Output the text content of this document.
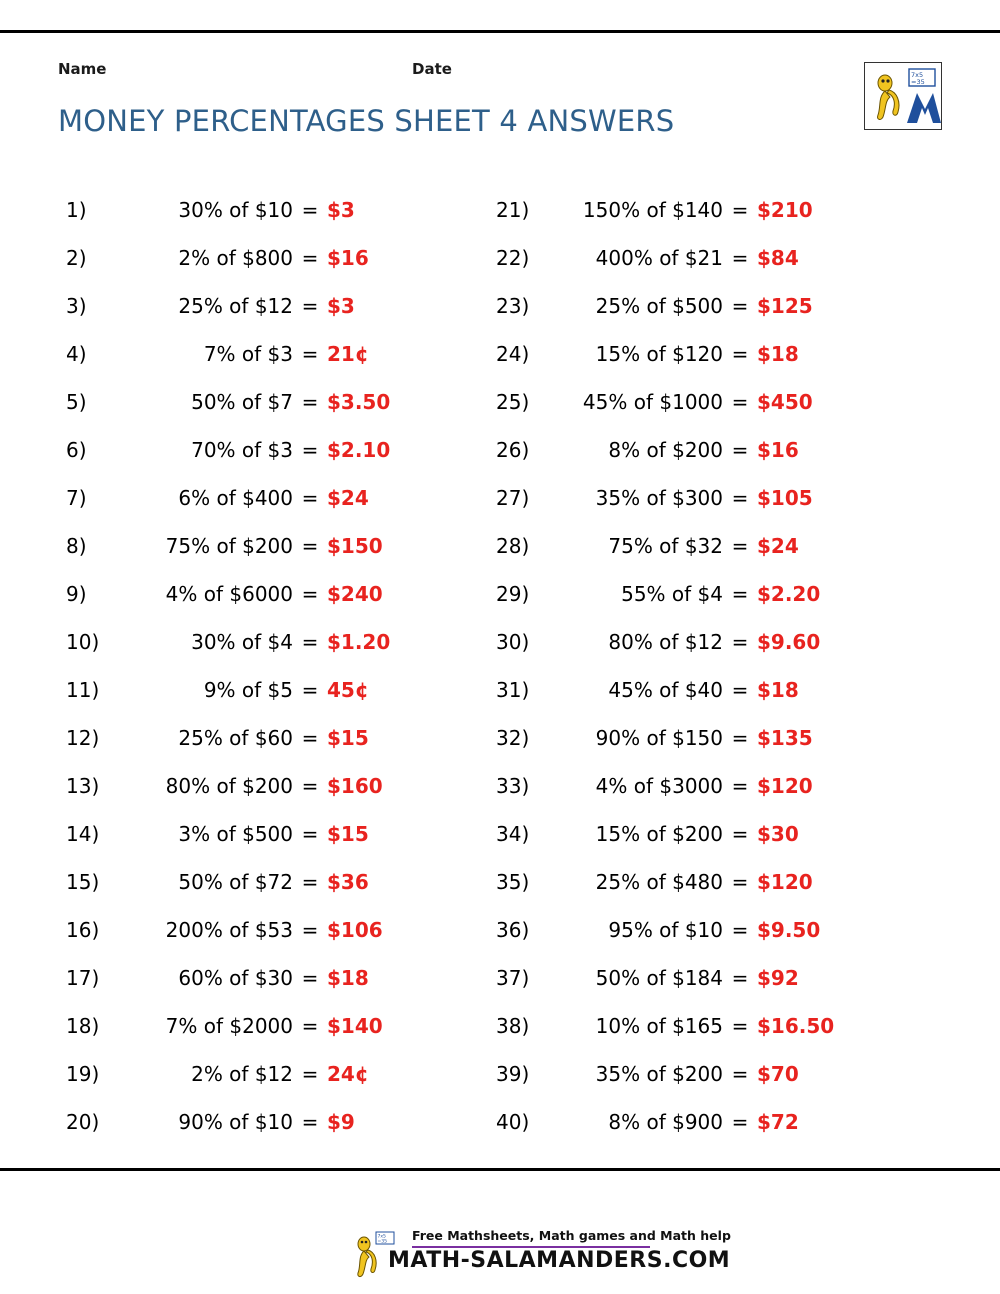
Name	Date
MONEY PERCENTAGES SHEET 4 ANSWERS
7x5
=35
1)	30% of $10 = $3
2)	2% of $800 = $16
3)	25% of $12 = $3
4)	7% of $3 = 21¢
5)	50% of $7 = $3.50
6)	70% of $3 = $2.10
7)	6% of $400 = $24
8)	75% of $200 = $150
9)	4% of $6000 = $240
10)	30% of $4 = $1.20
11)	9% of $5 = 45¢
12)	25% of $60 = $15
13)	80% of $200 = $160
14)	3% of $500 = $15
15)	50% of $72 = $36
16)	200% of $53 = $106
17)	60% of $30 = $18
18)	7% of $2000 = $140
19)	2% of $12 = 24¢
20)	90% of $10 = $9
21)	150% of $140 = $210
22)	400% of $21 = $84
23)	25% of $500 = $125
24)	15% of $120 = $18
25)	45% of $1000 = $450
26)	8% of $200 = $16
27)	35% of $300 = $105
28)	75% of $32 = $24
29)	55% of $4 = $2.20
30)	80% of $12 = $9.60
31)	45% of $40 = $18
32)	90% of $150 = $135
33)	4% of $3000 = $120
34)	15% of $200 = $30
35)	25% of $480 = $120
36)	95% of $10 = $9.50
37)	50% of $184 = $92
38)	10% of $165 = $16.50
39)	35% of $200 = $70
40)	8% of $900 = $72
7x5
=35 Free Mathsheets, Math games and Math help
MATH-SALAMANDERS.COM
